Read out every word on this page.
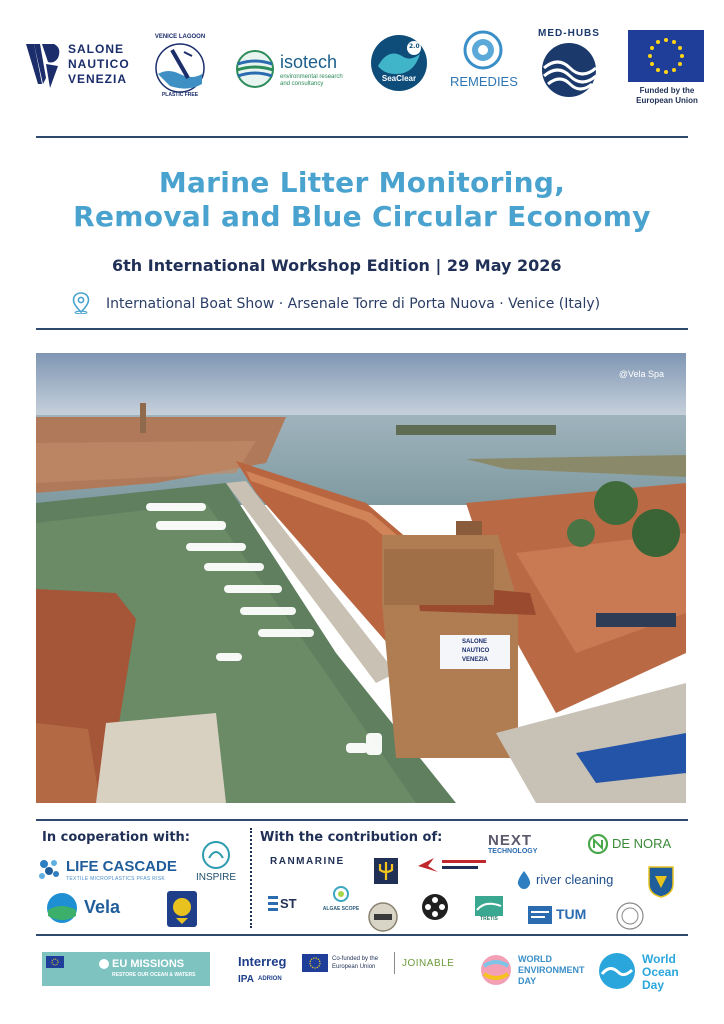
SALONE
NAUTICO
VENEZIA
VENICE LAGOON
PLASTIC FREE
isotech
environmental research and consultancy
2.0
SeaClear	REMEDIES
MED-HUBS
Funded by the European Union
Marine Litter Monitoring,
Removal and Blue Circular Economy
6th International Workshop Edition | 29 May 2026
International Boat Show · Arsenale Torre di Porta Nuova · Venice (Italy)
@Vela Spa
SALONE
NAUTICO
VENEZIA
In cooperation with:
LIFE CASCADE
TEXTILE MICROPLASTICS PFAS RISK	INSPIRE
Vela
With the contribution of:
RANMARINE
NEXT
TECHNOLOGY
DE NORA
river cleaning
ST	ALGAE SCOPE
TRETIS	TUM
EU MISSIONS
RESTORE OUR OCEAN & WATERS
Interreg
IPA ADRION
Co-funded by the European Union	JOINABLE	WORLD
ENVIRONMENT
DAY
World
Ocean
Day
